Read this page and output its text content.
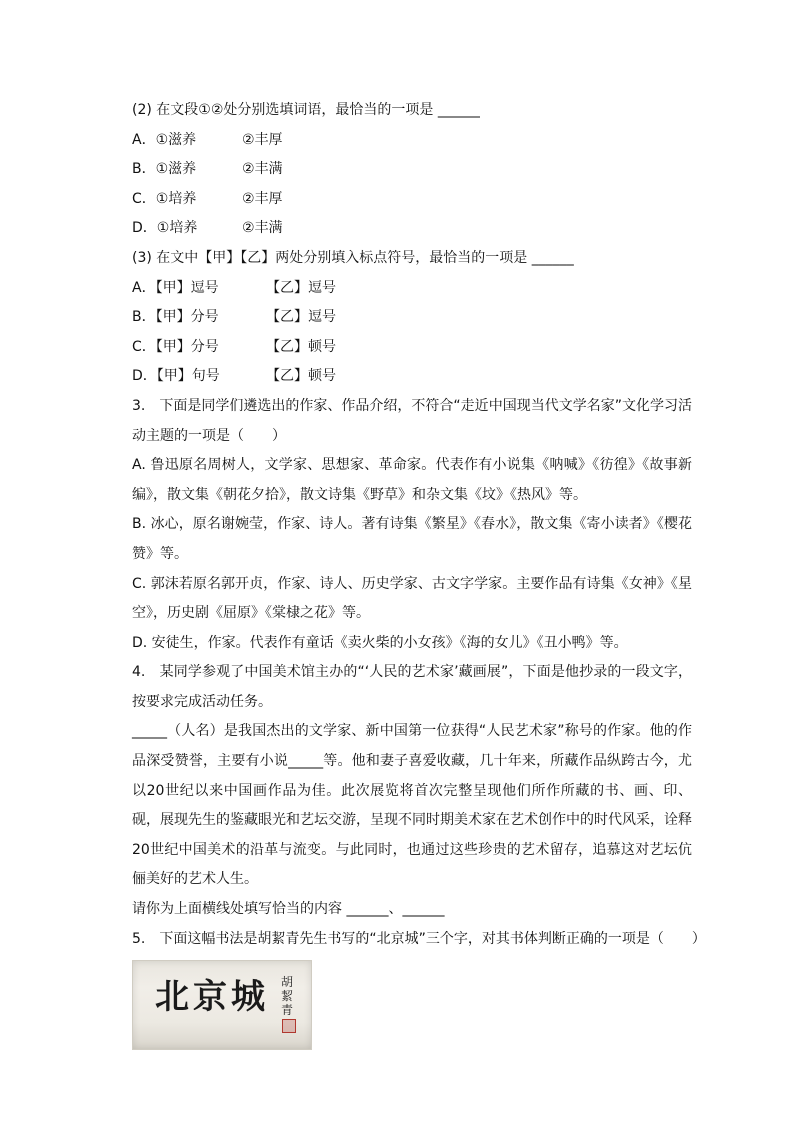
(2) 在文段①②处分别选填词语，最恰当的一项是 ______
A．①滋养	②丰厚
B．①滋养	②丰满
C．①培养	②丰厚
D．①培养	②丰满
(3) 在文中【甲】【乙】两处分别填入标点符号，最恰当的一项是 ______
A．【甲】逗号	【乙】逗号
B．【甲】分号	【乙】逗号
C．【甲】分号	【乙】顿号
D．【甲】句号	【乙】顿号
3.　下面是同学们遴选出的作家、作品介绍，不符合“走近中国现当代文学名家”文化学习活动主题的一项是（　　）
A. 鲁迅原名周树人，文学家、思想家、革命家。代表作有小说集《呐喊》《彷徨》《故事新编》，散文集《朝花夕拾》，散文诗集《野草》和杂文集《坟》《热风》等。
B. 冰心，原名谢婉莹，作家、诗人。著有诗集《繁星》《春水》，散文集《寄小读者》《樱花赞》等。
C. 郭沫若原名郭开贞，作家、诗人、历史学家、古文字学家。主要作品有诗集《女神》《星空》，历史剧《屈原》《棠棣之花》等。
D. 安徒生，作家。代表作有童话《卖火柴的小女孩》《海的女儿》《丑小鸭》等。
4.　某同学参观了中国美术馆主办的“‘人民的艺术家’藏画展”，下面是他抄录的一段文字，按要求完成活动任务。
_____（人名）是我国杰出的文学家、新中国第一位获得“人民艺术家”称号的作家。他的作品深受赞誉，主要有小说_____等。他和妻子喜爱收藏，几十年来，所藏作品纵跨古今，尤以20世纪以来中国画作品为佳。此次展览将首次完整呈现他们所作所藏的书、画、印、砚，展现先生的鉴藏眼光和艺坛交游，呈现不同时期美术家在艺术创作中的时代风采，诠释20世纪中国美术的沿革与流变。与此同时，也通过这些珍贵的艺术留存，追慕这对艺坛伉俪美好的艺术人生。
请你为上面横线处填写恰当的内容 ______、______
5.　下面这幅书法是胡絜青先生书写的“北京城”三个字，对其书体判断正确的一项是（　　）
北京城 胡絜青
